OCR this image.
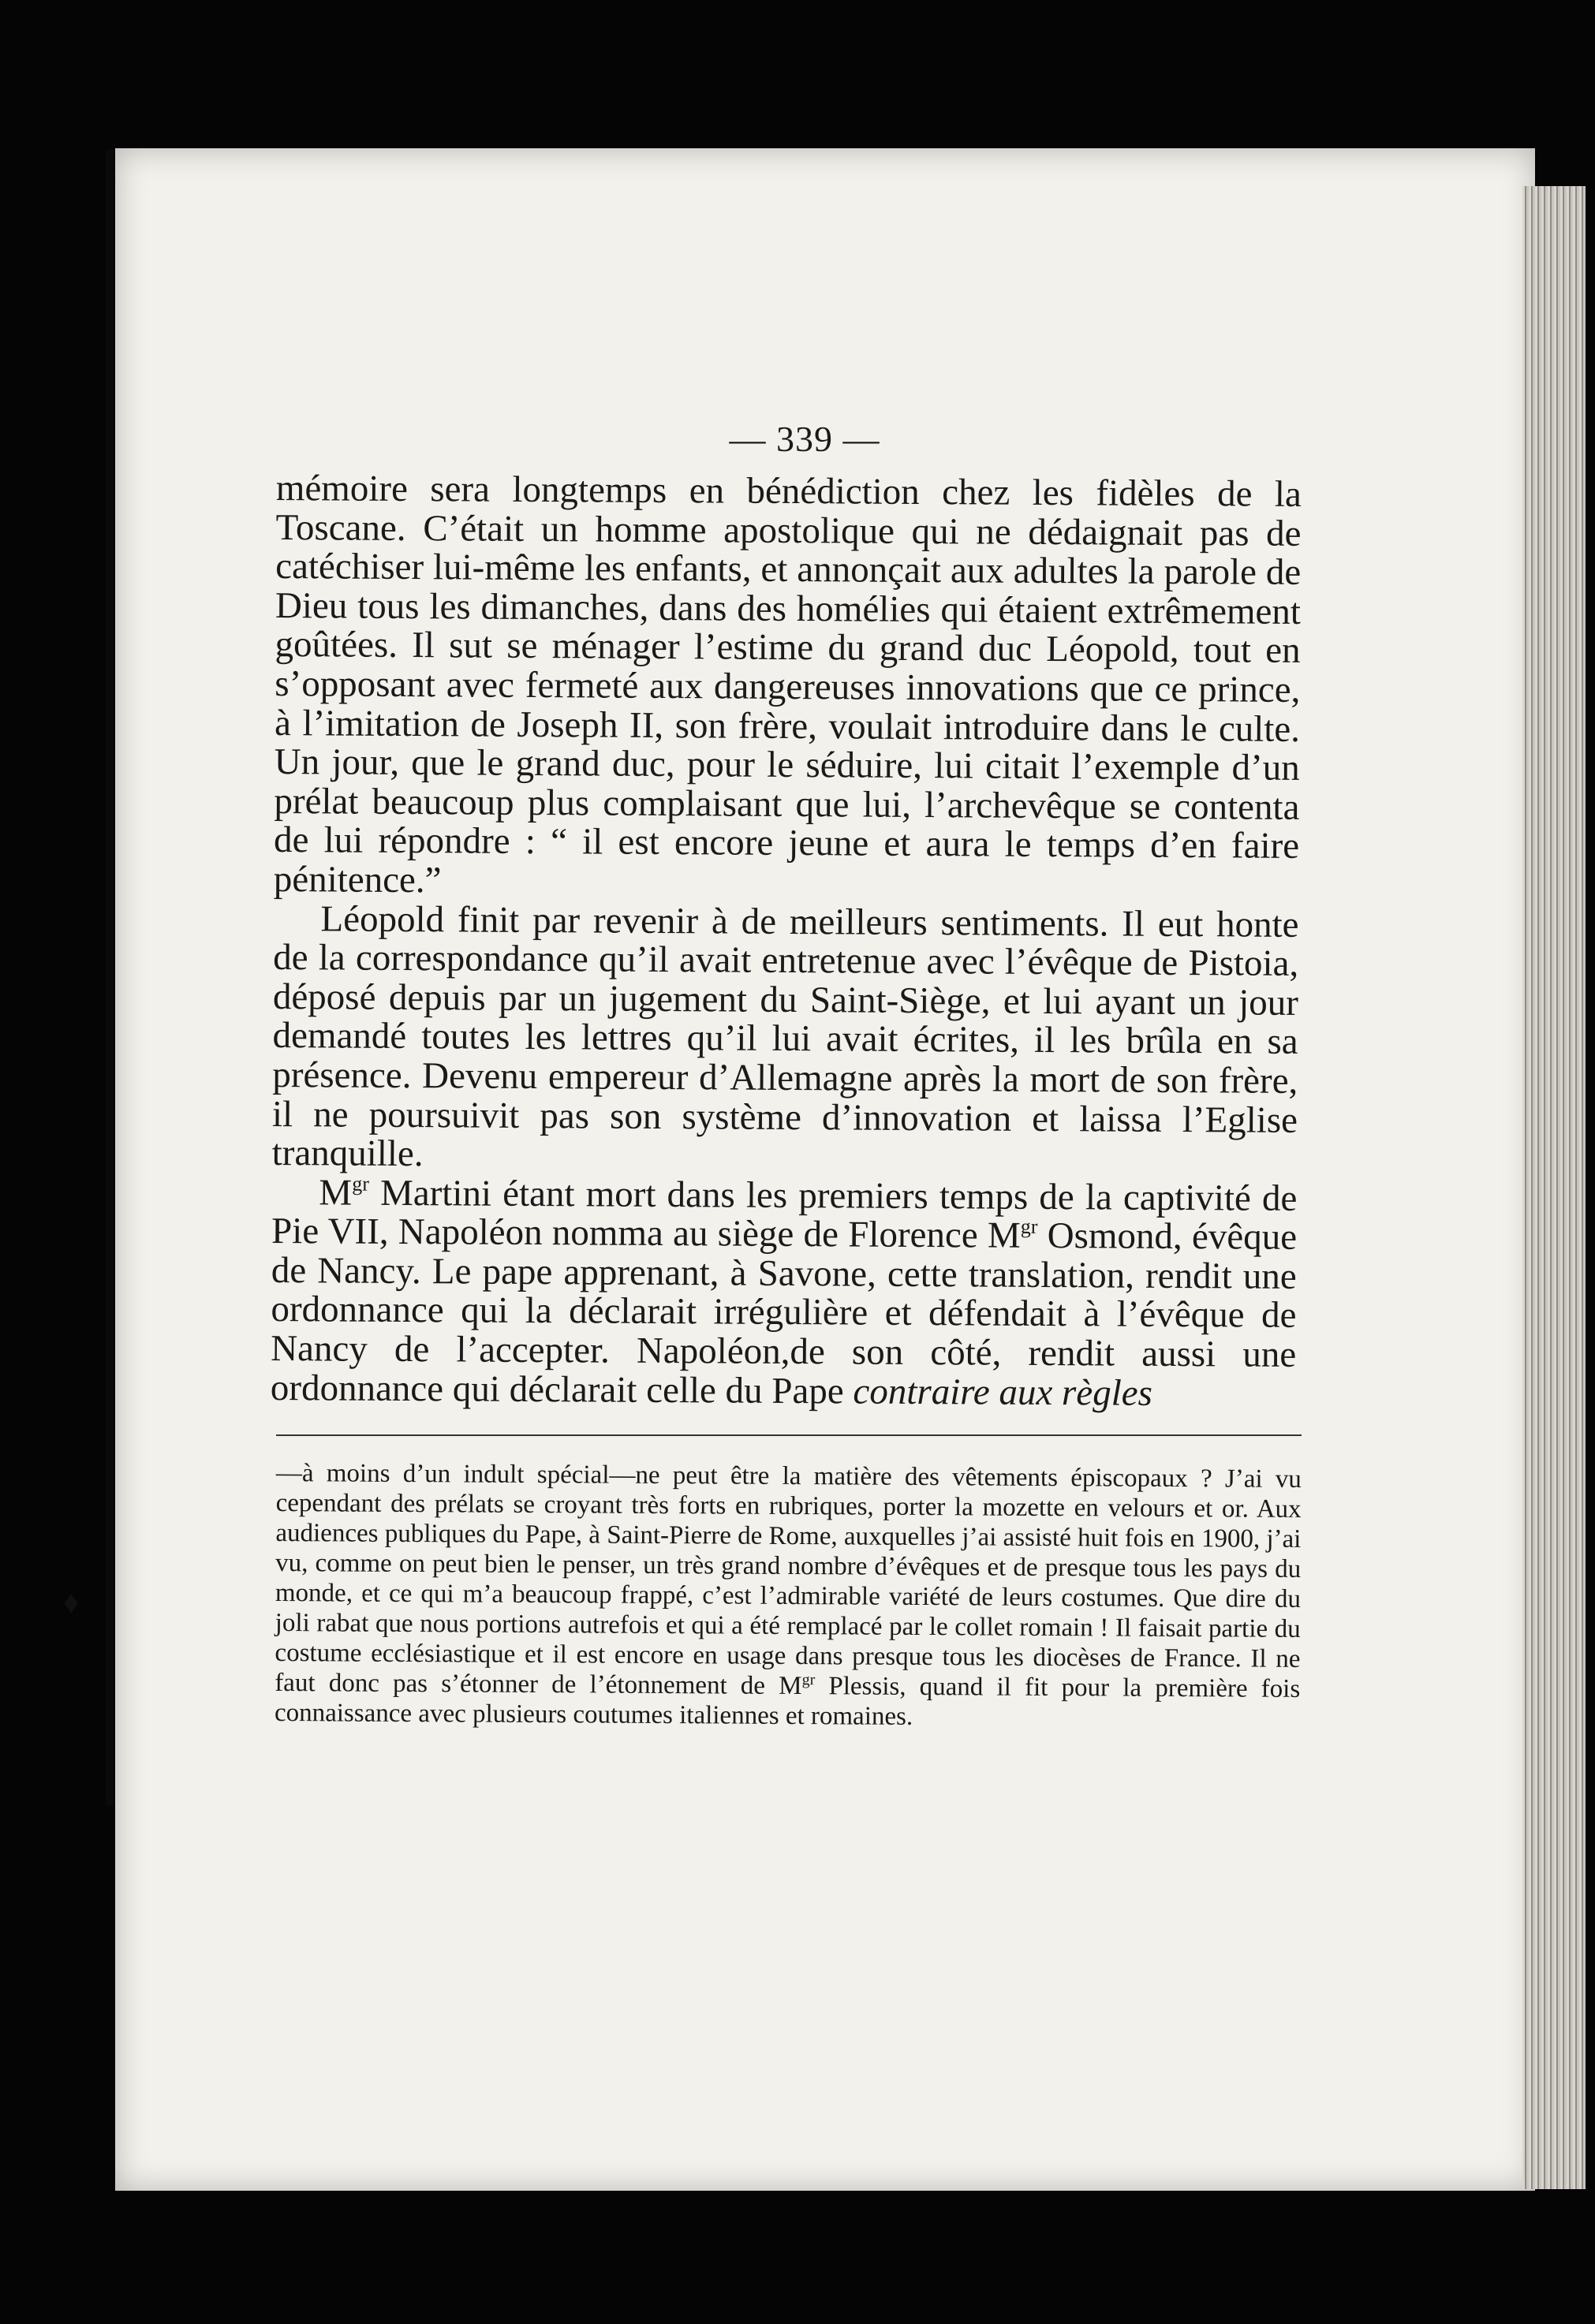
♦
— 339 —

mémoire sera longtemps en bénédiction chez les fidèles de la Toscane. C’était un homme apostolique qui ne dédaignait pas de catéchiser lui-même les enfants, et annonçait aux adultes la parole de Dieu tous les dimanches, dans des homélies qui étaient extrêmement goûtées. Il sut se ménager l’estime du grand duc Léopold, tout en s’opposant avec fermeté aux dangereuses innovations que ce prince, à l’imitation de Joseph II, son frère, voulait introduire dans le culte. Un jour, que le grand duc, pour le séduire, lui citait l’exemple d’un prélat beaucoup plus complaisant que lui, l’archevêque se contenta de lui répondre : “ il est encore jeune et aura le temps d’en faire pénitence.”

Léopold finit par revenir à de meilleurs sentiments. Il eut honte de la correspondance qu’il avait entretenue avec l’évêque de Pistoia, déposé depuis par un jugement du Saint-Siège, et lui ayant un jour demandé toutes les lettres qu’il lui avait écrites, il les brûla en sa présence. Devenu empereur d’Allemagne après la mort de son frère, il ne poursuivit pas son système d’innovation et laissa l’Eglise tranquille.

$M^{gr}$ Martini étant mort dans les premiers temps de la captivité de Pie VII, Napoléon nomma au siège de Florence $M^{gr}$ Osmond, évêque de Nancy. Le pape apprenant, à Savone, cette translation, rendit une ordonnance qui la déclarait irrégulière et défendait à l’évêque de Nancy de l’accepter. Napoléon,de son côté, rendit aussi une ordonnance qui déclarait celle du Pape contraire aux règles

—à moins d’un indult spécial—ne peut être la matière des vêtements épiscopaux ? J’ai vu cependant des prélats se croyant très forts en rubriques, porter la mozette en velours et or. Aux audiences publiques du Pape, à Saint-Pierre de Rome, auxquelles j’ai assisté huit fois en 1900, j’ai vu, comme on peut bien le penser, un très grand nombre d’évêques et de presque tous les pays du monde, et ce qui m’a beaucoup frappé, c’est l’admirable variété de leurs costumes. Que dire du joli rabat que nous portions autrefois et qui a été remplacé par le collet romain ! Il faisait partie du costume ecclésiastique et il est encore en usage dans presque tous les diocèses de France. Il ne faut donc pas s’étonner de l’étonnement de $M^{gr}$ Plessis, quand il fit pour la première fois connaissance avec plusieurs coutumes italiennes et romaines.
